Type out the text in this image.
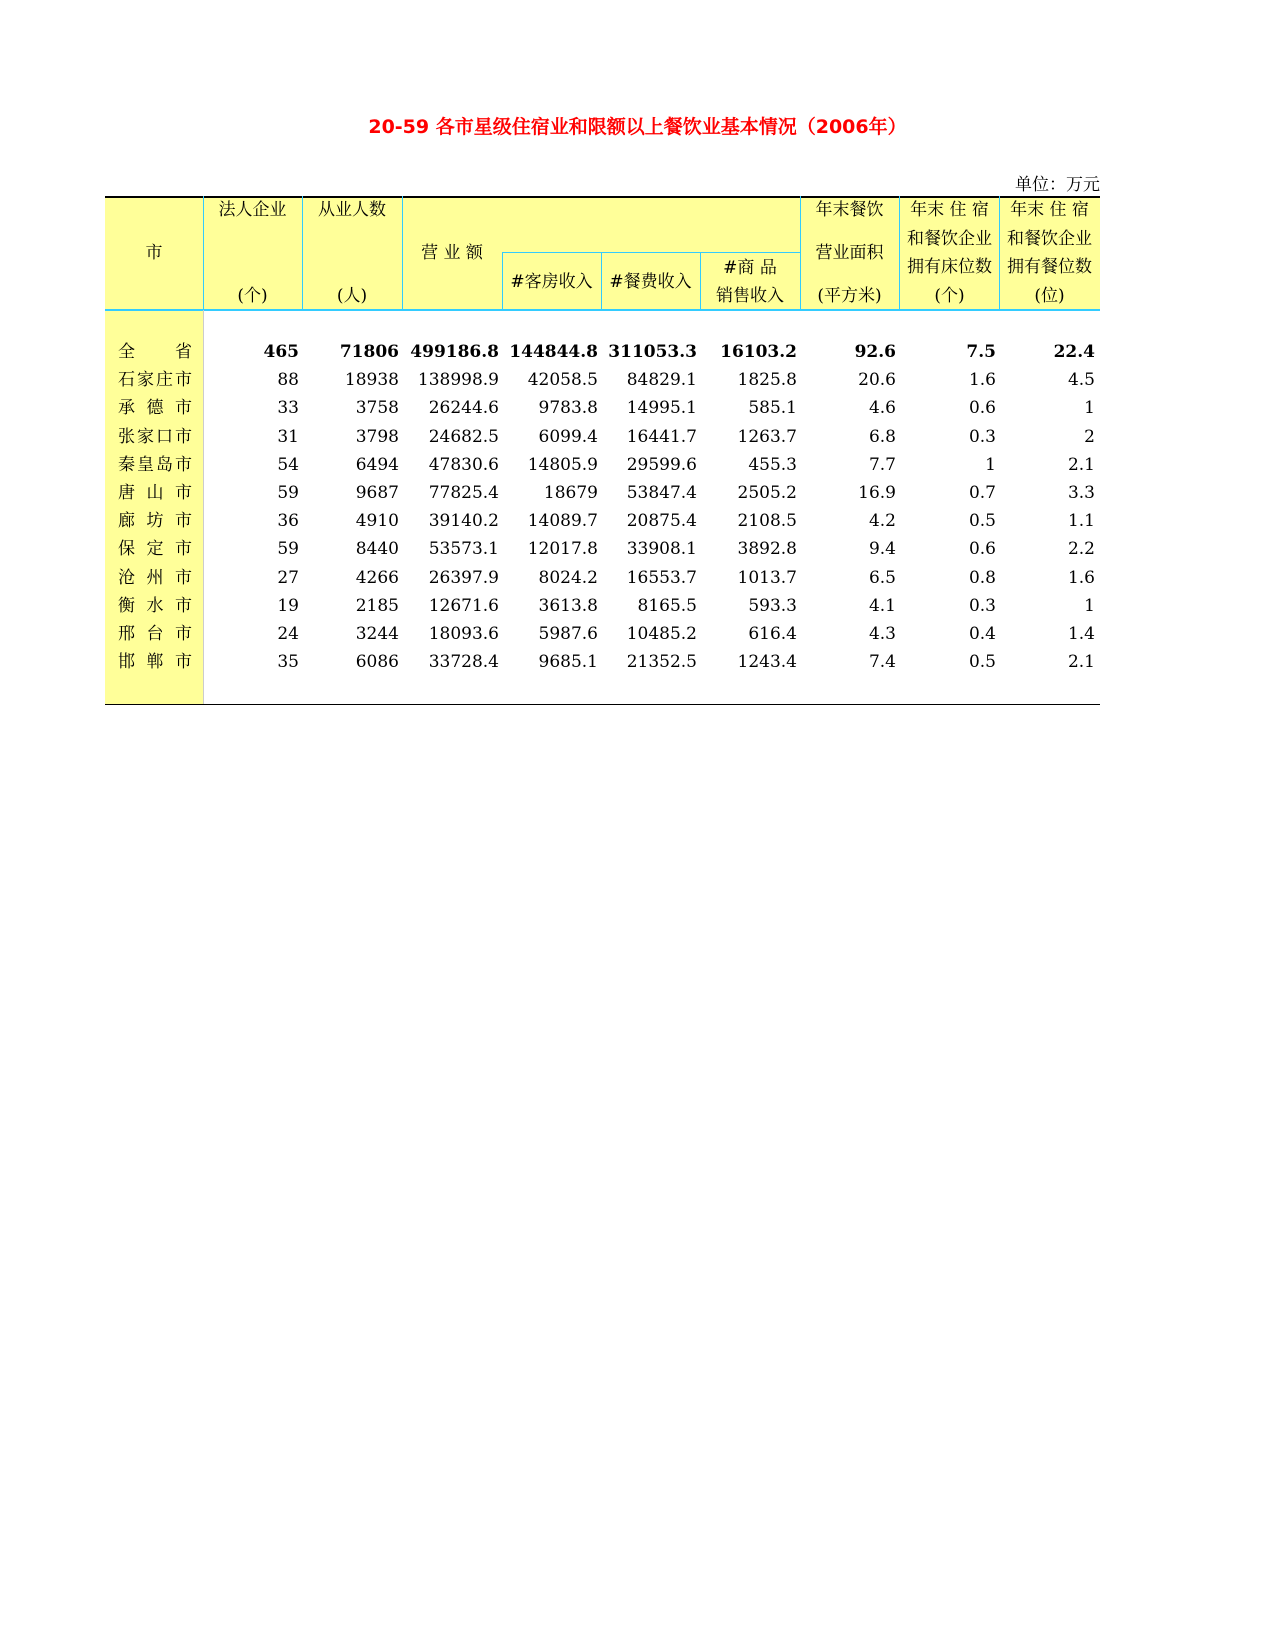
20-59 各市星级住宿业和限额以上餐饮业基本情况（2006年）
单位：万元
市
法人企业
(个)
从业人数
(人)
营 业 额
#客房收入 #餐费收入
#商 品
销售收入
年末餐饮
营业面积
(平方米)
年末 住 宿
和餐饮企业
拥有床位数
(个)
年末 住 宿
和餐饮企业
拥有餐位数
(位)
全　　省	465	71806 499186.8 144844.8 311053.3	16103.2	92.6	7.5	22.4
石家庄市	88	18938	138998.9	42058.5	84829.1	1825.8	20.6	1.6	4.5
承 德 市	33	3758	26244.6	9783.8	14995.1	585.1	4.6	0.6	1
张家口市	31	3798	24682.5	6099.4	16441.7	1263.7	6.8	0.3	2
秦皇岛市	54	6494	47830.6	14805.9	29599.6	455.3	7.7	1	2.1
唐 山 市	59	9687	77825.4	18679	53847.4	2505.2	16.9	0.7	3.3
廊 坊 市	36	4910	39140.2	14089.7	20875.4	2108.5	4.2	0.5	1.1
保 定 市	59	8440	53573.1	12017.8	33908.1	3892.8	9.4	0.6	2.2
沧 州 市	27	4266	26397.9	8024.2	16553.7	1013.7	6.5	0.8	1.6
衡 水 市	19	2185	12671.6	3613.8	8165.5	593.3	4.1	0.3	1
邢 台 市	24	3244	18093.6	5987.6	10485.2	616.4	4.3	0.4	1.4
邯 郸 市	35	6086	33728.4	9685.1	21352.5	1243.4	7.4	0.5	2.1
